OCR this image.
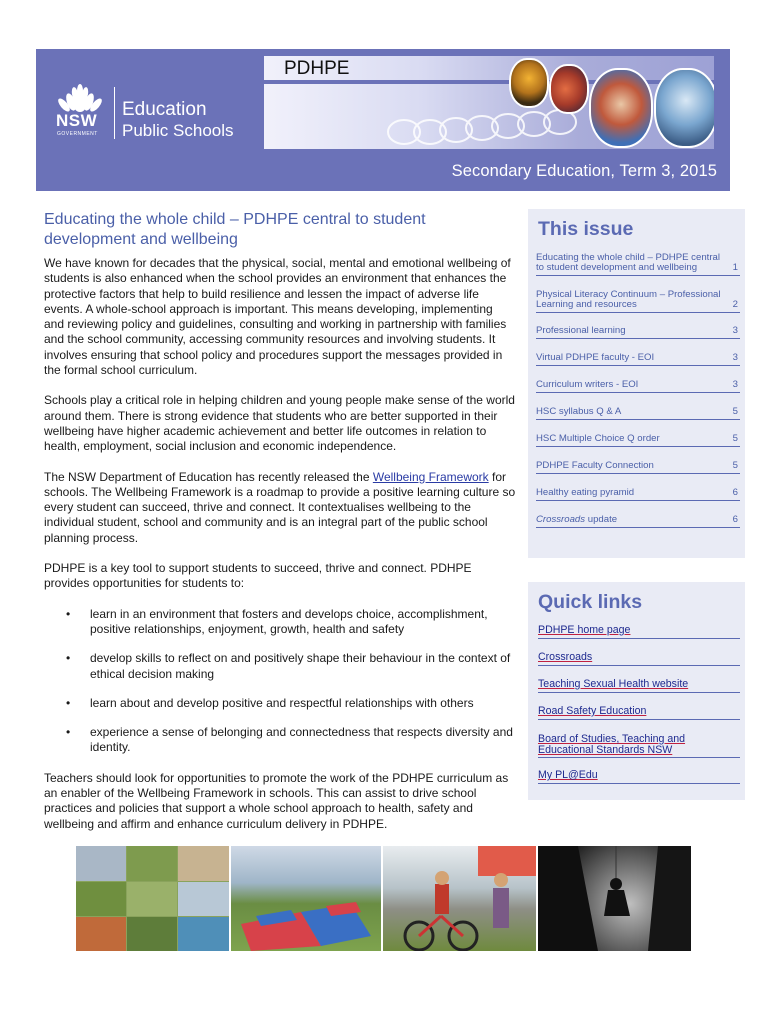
NSW
GOVERNMENT
Education
Public Schools
PDHPE
Secondary Education, Term 3, 2015
Educating the whole child – PDHPE central to student development and wellbeing

We have known for decades that the physical, social, mental and emotional wellbeing of students is also enhanced when the school provides an environment that enhances the protective factors that help to build resilience and lessen the impact of adverse life events. A whole-school approach is important. This means developing, implementing and reviewing policy and guidelines, consulting and working in partnership with families and the school community, accessing community resources and involving students. It involves ensuring that school policy and procedures support the messages provided in the formal school curriculum.

Schools play a critical role in helping children and young people make sense of the world around them. There is strong evidence that students who are better supported in their wellbeing have higher academic achievement and better life outcomes in relation to health, employment, social inclusion and economic independence.

The NSW Department of Education has recently released the Wellbeing Framework for schools. The Wellbeing Framework is a roadmap to provide a positive learning culture so every student can succeed, thrive and connect. It contextualises wellbeing to the individual student, school and community and is an integral part of the public school planning process.

PDHPE is a key tool to support students to succeed, thrive and connect. PDHPE provides opportunities for students to:

• learn in an environment that fosters and develops choice, accomplishment, positive relationships, enjoyment, growth, health and safety
• develop skills to reflect on and positively shape their behaviour in the context of ethical decision making
• learn about and develop positive and respectful relationships with others
• experience a sense of belonging and connectedness that respects diversity and identity.

Teachers should look for opportunities to promote the work of the PDHPE curriculum as an enabler of the Wellbeing Framework in schools. This can assist to drive school practices and policies that support a whole school approach to health, safety and wellbeing and affirm and enhance curriculum delivery in PDHPE.

This issue
Educating the whole child – PDHPE central to student development and wellbeing	1
Physical Literacy Continuum – Professional Learning and resources	2
Professional learning	3
Virtual PDHPE faculty - EOI	3
Curriculum writers - EOI	3
HSC syllabus Q & A	5
HSC Multiple Choice Q order	5
PDHPE Faculty Connection	5
Healthy eating pyramid	6
Crossroads update	6
Quick links
PDHPE home page
Crossroads
Teaching Sexual Health website
Road Safety Education
Board of Studies, Teaching and Educational Standards NSW
My PL@Edu
